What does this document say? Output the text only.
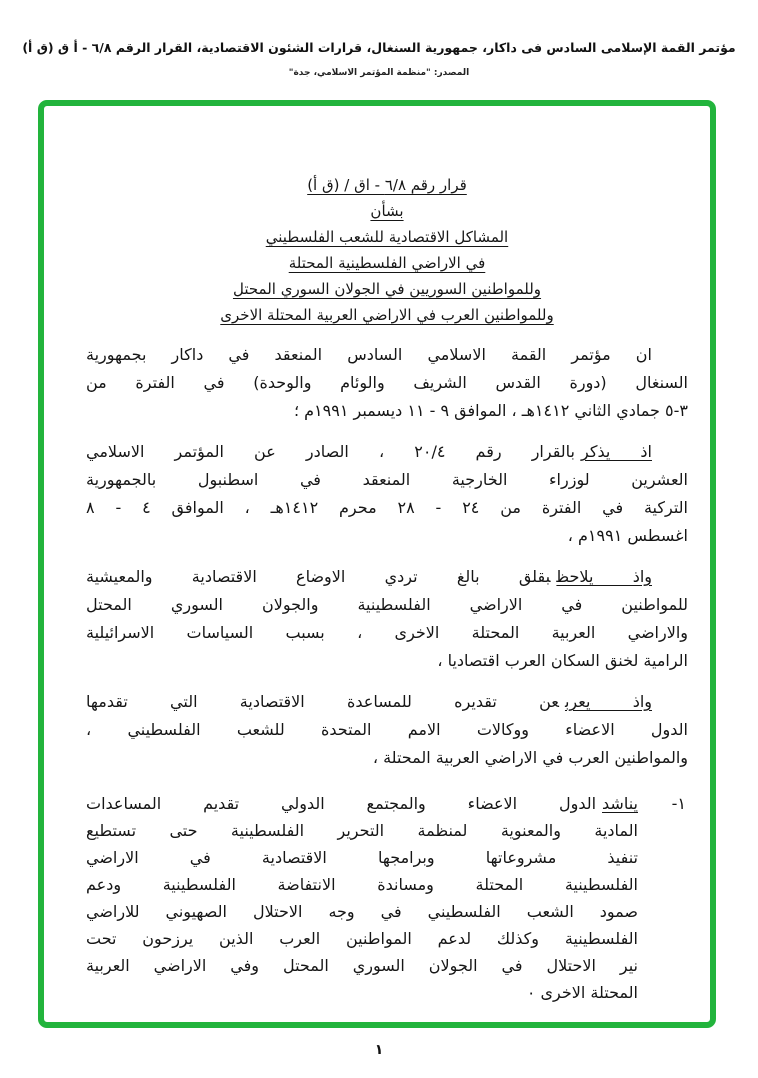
مؤتمر القمة الإسلامى السادس فى داكار، جمهورية السنغال، قرارات الشئون الاقتصادية، القرار الرقم ٦/٨ - أ ق (ق أ)
المصدر: "منظمة المؤتمر الاسلامي، جدة"
قرار رقم ٦/٨ - اق / (ق أ)
بشأن
المشاكل الاقتصادية للشعب الفلسطيني
في الاراضي الفلسطينية المحتلة
وللمواطنين السوريين في الجولان السوري المحتل
وللمواطنين العرب في الاراضي العربية المحتلة الاخرى
ان مؤتمر القمة الاسلامي السادس المنعقد في داكار بجمهورية
السنغال (دورة القدس الشريف والوئام والوحدة) في الفترة من
٣-٥ جمادي الثاني ١٤١٢هـ ، الموافق ٩ - ١١ ديسمبر ١٩٩١م ؛
اذ يذكربالقرار رقم ٢٠/٤ ، الصادر عن المؤتمر الاسلامي
العشرين لوزراء الخارجية المنعقد في اسطنبول بالجمهورية
التركية في الفترة من ٢٤ - ٢٨ محرم ١٤١٢هـ ، الموافق ٤ - ٨
اغسطس ١٩٩١م ،
واذ يلاحظبقلق بالغ تردي الاوضاع الاقتصادية والمعيشية
للمواطنين في الاراضي الفلسطينية والجولان السوري المحتل
والاراضي العربية المحتلة الاخرى ، بسبب السياسات الاسرائيلية
الرامية لخنق السكان العرب اقتصاديا ،
واذ يعربعن تقديره للمساعدة الاقتصادية التي تقدمها
الدول الاعضاء ووكالات الامم المتحدة للشعب الفلسطيني ،
والمواطنين العرب في الاراضي العربية المحتلة ،
١-
يناشدالدول الاعضاء والمجتمع الدولي تقديم المساعدات
المادية والمعنوية لمنظمة التحرير الفلسطينية حتى تستطيع
تنفيذ مشروعاتها وبرامجها الاقتصادية في الاراضي
الفلسطينية المحتلة ومساندة الانتفاضة الفلسطينية ودعم
صمود الشعب الفلسطيني في وجه الاحتلال الصهيوني للاراضي
الفلسطينية وكذلك لدعم المواطنين العرب الذين يرزحون تحت
نير الاحتلال في الجولان السوري المحتل وفي الاراضي العربية
المحتلة الاخرى ٠
١
